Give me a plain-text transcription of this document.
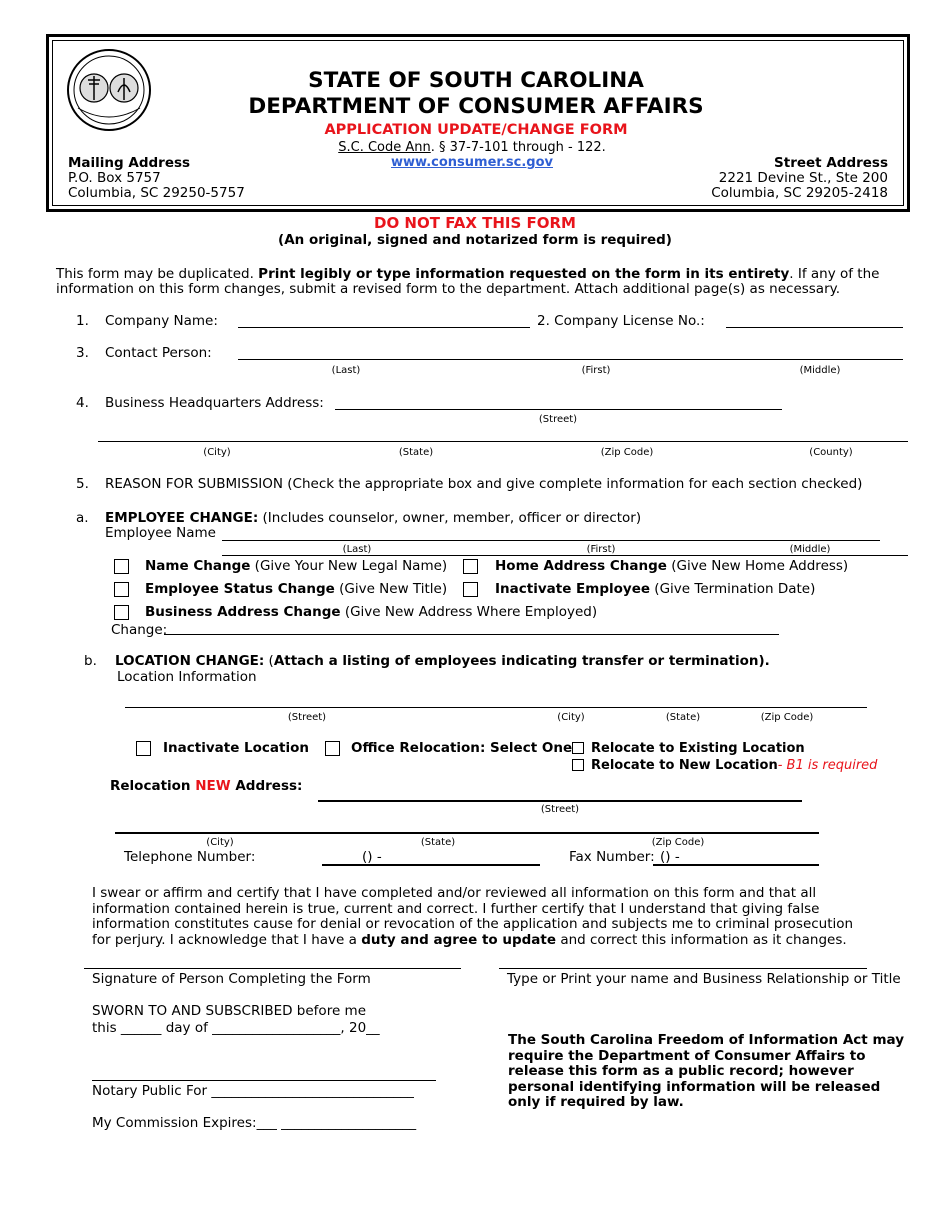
STATE OF SOUTH CAROLINA
DEPARTMENT OF CONSUMER AFFAIRS
APPLICATION UPDATE/CHANGE FORM
S.C. Code Ann. § 37-7-101 through - 122.
www.consumer.sc.gov
Mailing Address
P.O. Box 5757
Columbia, SC 29250-5757
Street Address
2221 Devine St., Ste 200
Columbia, SC 29205-2418
DO NOT FAX THIS FORM
(An original, signed and notarized form is required)
This form may be duplicated. Print legibly or type information requested on the form in its entirety. If any of the
information on this form changes, submit a revised form to the department. Attach additional page(s) as necessary.
1. Company Name:	2. Company License No.:
3. Contact Person:
(Last)	(First)	(Middle)
4. Business Headquarters Address:
(Street)
(City)	(State)	(Zip Code)	(County)
5. REASON FOR SUBMISSION (Check the appropriate box and give complete information for each section checked)
a. EMPLOYEE CHANGE: (Includes counselor, owner, member, officer or director)
Employee Name
(Last)	(First)	(Middle)
Name Change (Give Your New Legal Name)	Home Address Change (Give New Home Address)
Employee Status Change (Give New Title)	Inactivate Employee (Give Termination Date)
Business Address Change (Give New Address Where Employed)
Change:
b. LOCATION CHANGE: (Attach a listing of employees indicating transfer or termination).
Location Information
(Street)	(City)	(State)	(Zip Code)
Inactivate Location	Office Relocation: Select One Relocate to Existing Location
Relocate to New Location- B1 is required
Relocation NEW Address:
(Street)
(City)	(State)	(Zip Code)
Telephone Number:	() -	Fax Number: () -
I swear or affirm and certify that I have completed and/or reviewed all information on this form and that all
information contained herein is true, current and correct. I further certify that I understand that giving false
information constitutes cause for denial or revocation of the application and subjects me to criminal prosecution
for perjury. I acknowledge that I have a duty and agree to update and correct this information as it changes.
Signature of Person Completing the Form	Type or Print your name and Business Relationship or Title
SWORN TO AND SUBSCRIBED before me
this ______ day of ___________________, 20__
Notary Public For ______________________________
My Commission Expires:___ ____________________
The South Carolina Freedom of Information Act may
require the Department of Consumer Affairs to
release this form as a public record; however
personal identifying information will be released
only if required by law.
